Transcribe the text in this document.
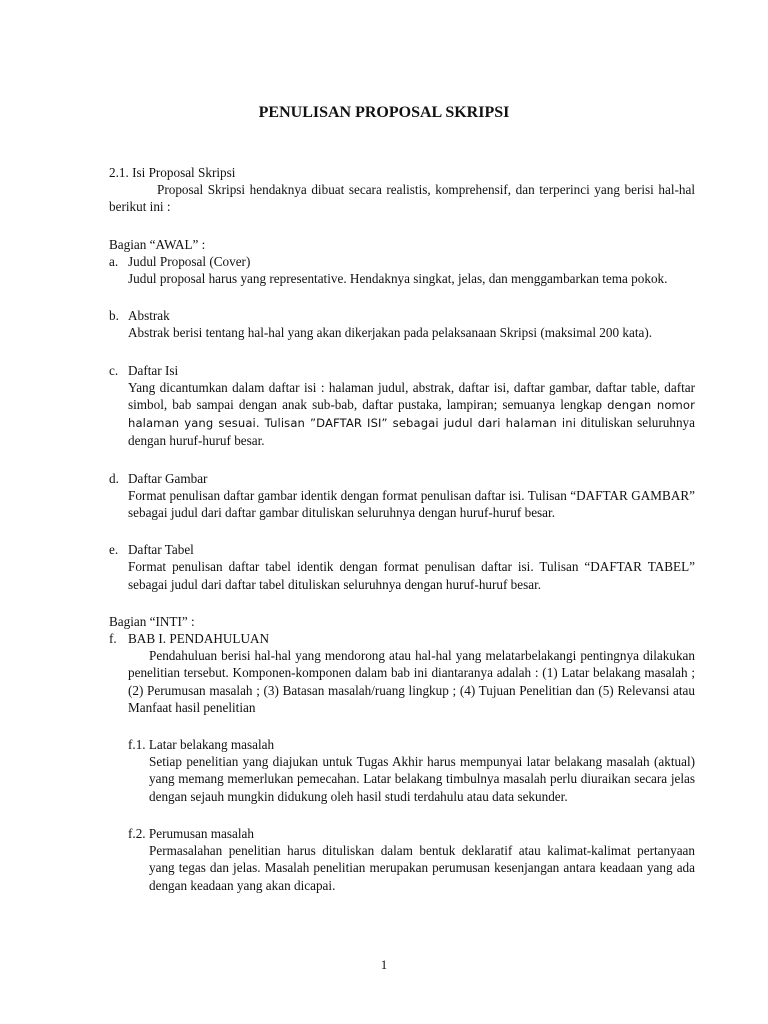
PENULISAN PROPOSAL SKRIPSI

2.1. Isi Proposal Skripsi

Proposal Skripsi hendaknya dibuat secara realistis, komprehensif, dan terperinci yang berisi hal-hal berikut ini :

Bagian “AWAL” :

a. Judul Proposal (Cover)

Judul proposal harus yang representative. Hendaknya singkat, jelas, dan menggambarkan tema pokok.

b. Abstrak

Abstrak berisi tentang hal-hal yang akan dikerjakan pada pelaksanaan Skripsi (maksimal 200 kata).

c. Daftar Isi
Yang dicantumkan dalam daftar isi : halaman judul, abstrak, daftar isi, daftar gambar, daftar table, daftar simbol, bab sampai dengan anak sub-bab, daftar pustaka, lampiran; semuanya lengkap dengan nomor halaman yang sesuai. Tulisan ”DAFTAR ISI” sebagai judul dari halaman ini dituliskan seluruhnya dengan huruf-huruf besar.
d. Daftar Gambar

Format penulisan daftar gambar identik dengan format penulisan daftar isi. Tulisan “DAFTAR GAMBAR” sebagai judul dari daftar gambar dituliskan seluruhnya dengan huruf-huruf besar.

e. Daftar Tabel

Format penulisan daftar tabel identik dengan format penulisan daftar isi. Tulisan “DAFTAR TABEL” sebagai judul dari daftar tabel dituliskan seluruhnya dengan huruf-huruf besar.

Bagian “INTI” :

f. BAB I. PENDAHULUAN

Pendahuluan berisi hal-hal yang mendorong atau hal-hal yang melatarbelakangi pentingnya dilakukan penelitian tersebut. Komponen-komponen dalam bab ini diantaranya adalah : (1) Latar belakang masalah ; (2) Perumusan masalah ; (3) Batasan masalah/ruang lingkup ; (4) Tujuan Penelitian dan (5) Relevansi atau Manfaat hasil penelitian

f.1. Latar belakang masalah

Setiap penelitian yang diajukan untuk Tugas Akhir harus mempunyai latar belakang masalah (aktual) yang memang memerlukan pemecahan. Latar belakang timbulnya masalah perlu diuraikan secara jelas dengan sejauh mungkin didukung oleh hasil studi terdahulu atau data sekunder.

f.2. Perumusan masalah

Permasalahan penelitian harus dituliskan dalam bentuk deklaratif atau kalimat-kalimat pertanyaan yang tegas dan jelas. Masalah penelitian merupakan perumusan kesenjangan antara keadaan yang ada dengan keadaan yang akan dicapai.

1
